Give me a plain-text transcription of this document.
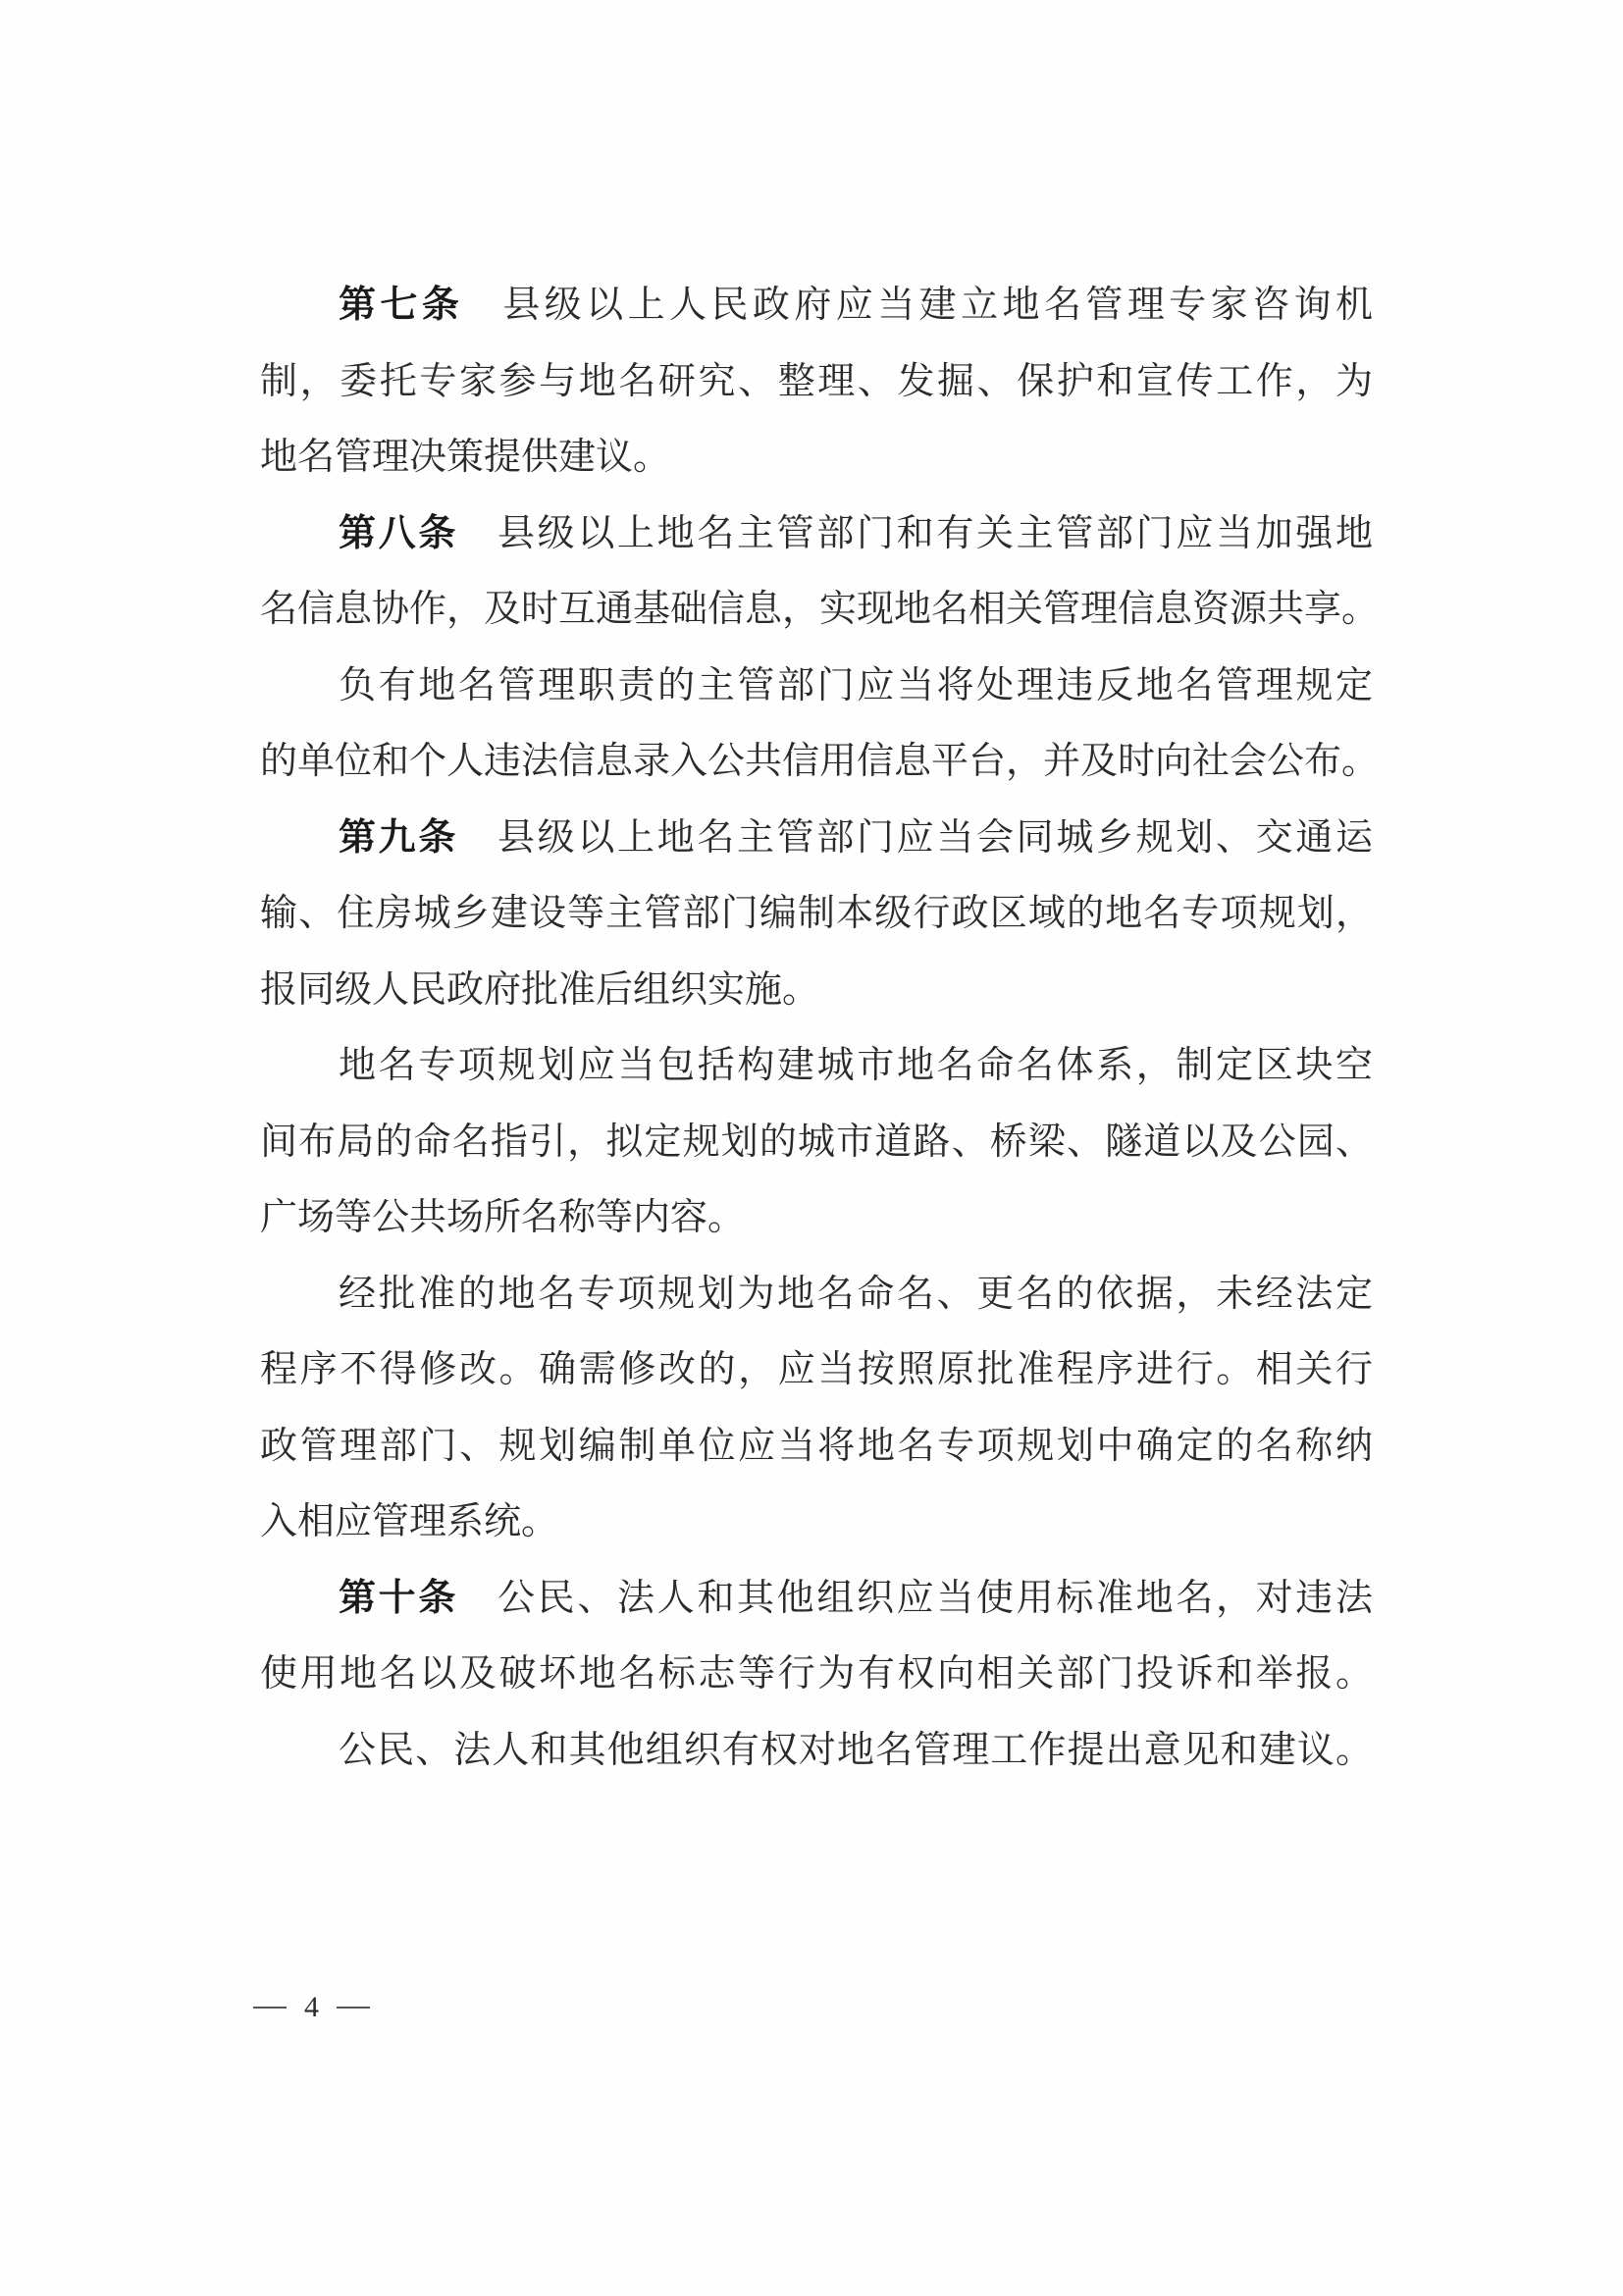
第七条 县级以上人民政府应当建立地名管理专家咨询机
制，委托专家参与地名研究、整理、发掘、保护和宣传工作，为
地名管理决策提供建议。
第八条 县级以上地名主管部门和有关主管部门应当加强地
名信息协作，及时互通基础信息，实现地名相关管理信息资源共享。
负有地名管理职责的主管部门应当将处理违反地名管理规定
的单位和个人违法信息录入公共信用信息平台，并及时向社会公布。
第九条 县级以上地名主管部门应当会同城乡规划、交通运
输、住房城乡建设等主管部门编制本级行政区域的地名专项规划，
报同级人民政府批准后组织实施。
地名专项规划应当包括构建城市地名命名体系，制定区块空
间布局的命名指引，拟定规划的城市道路、桥梁、隧道以及公园、
广场等公共场所名称等内容。
经批准的地名专项规划为地名命名、更名的依据，未经法定
程序不得修改。确需修改的，应当按照原批准程序进行。相关行
政管理部门、规划编制单位应当将地名专项规划中确定的名称纳
入相应管理系统。
第十条 公民、法人和其他组织应当使用标准地名，对违法
使用地名以及破坏地名标志等行为有权向相关部门投诉和举报。
公民、法人和其他组织有权对地名管理工作提出意见和建议。
4
